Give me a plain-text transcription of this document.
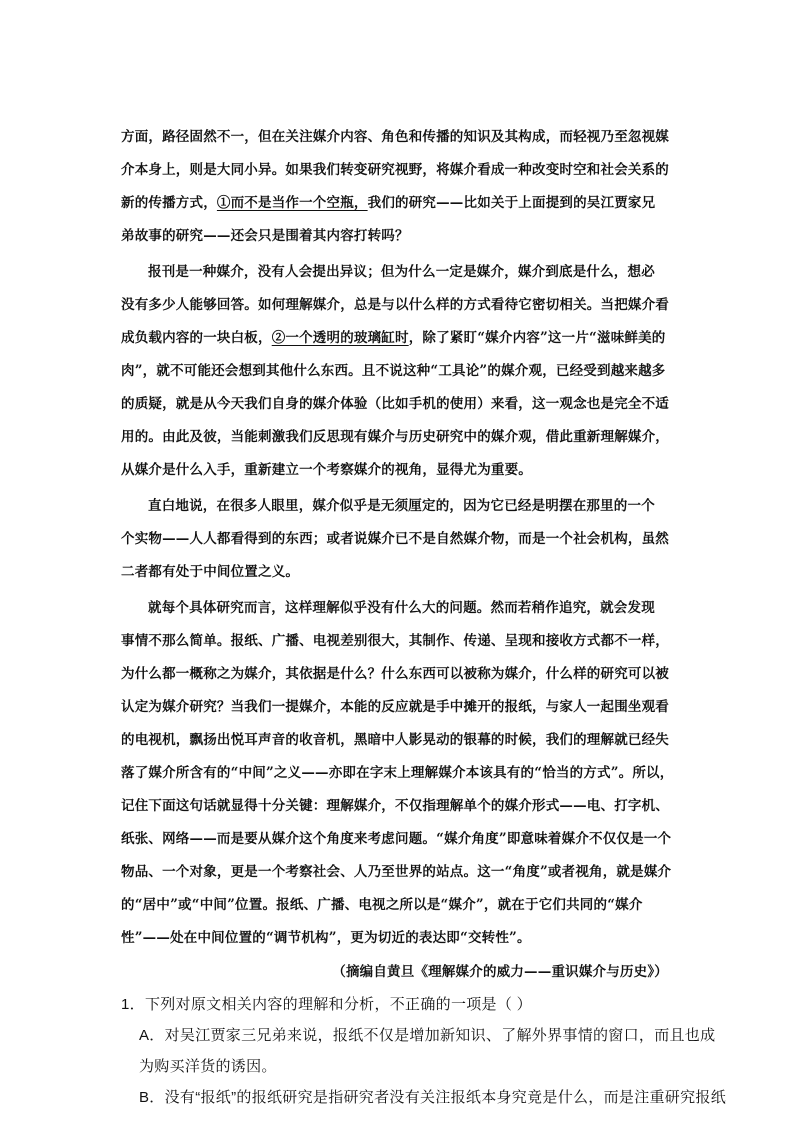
方面，路径固然不一，但在关注媒介内容、角色和传播的知识及其构成，而轻视乃至忽视媒
介本身上，则是大同小异。如果我们转变研究视野，将媒介看成一种改变时空和社会关系的
新的传播方式，①而不是当作一个空瓶，我们的研究——比如关于上面提到的吴江贾家兄
弟故事的研究——还会只是围着其内容打转吗？
报刊是一种媒介，没有人会提出异议；但为什么一定是媒介，媒介到底是什么，想必
没有多少人能够回答。如何理解媒介，总是与以什么样的方式看待它密切相关。当把媒介看
成负载内容的一块白板，②一个透明的玻璃缸时，除了紧盯“媒介内容”这一片“滋味鲜美的
肉”，就不可能还会想到其他什么东西。且不说这种“工具论”的媒介观，已经受到越来越多
的质疑，就是从今天我们自身的媒介体验（比如手机的使用）来看，这一观念也是完全不适
用的。由此及彼，当能刺激我们反思现有媒介与历史研究中的媒介观，借此重新理解媒介，
从媒介是什么入手，重新建立一个考察媒介的视角，显得尤为重要。
直白地说，在很多人眼里，媒介似乎是无须厘定的，因为它已经是明摆在那里的一个
个实物——人人都看得到的东西；或者说媒介已不是自然媒介物，而是一个社会机构，虽然
二者都有处于中间位置之义。
就每个具体研究而言，这样理解似乎没有什么大的问题。然而若稍作追究，就会发现
事情不那么简单。报纸、广播、电视差别很大，其制作、传递、呈现和接收方式都不一样，
为什么都一概称之为媒介，其依据是什么？什么东西可以被称为媒介，什么样的研究可以被
认定为媒介研究？当我们一提媒介，本能的反应就是手中摊开的报纸，与家人一起围坐观看
的电视机，飘扬出悦耳声音的收音机，黑暗中人影晃动的银幕的时候，我们的理解就已经失
落了媒介所含有的“中间”之义——亦即在字末上理解媒介本该具有的“恰当的方式”。所以，
记住下面这句话就显得十分关键：理解媒介，不仅指理解单个的媒介形式——电、打字机、
纸张、网络——而是要从媒介这个角度来考虑问题。“媒介角度”即意味着媒介不仅仅是一个
物品、一个对象，更是一个考察社会、人乃至世界的站点。这一“角度”或者视角，就是媒介
的“居中”或“中间”位置。报纸、广播、电视之所以是“媒介”，就在于它们共同的“媒介
性”——处在中间位置的“调节机构”，更为切近的表达即“交转性”。
（摘编自黄旦《理解媒介的威力——重识媒介与历史》）
1．下列对原文相关内容的理解和分析，不正确的一项是（ ）
A．对吴江贾家三兄弟来说，报纸不仅是增加新知识、了解外界事情的窗口，而且也成
为购买洋货的诱因。
B．没有“报纸”的报纸研究是指研究者没有关注报纸本身究竟是什么，而是注重研究报纸
